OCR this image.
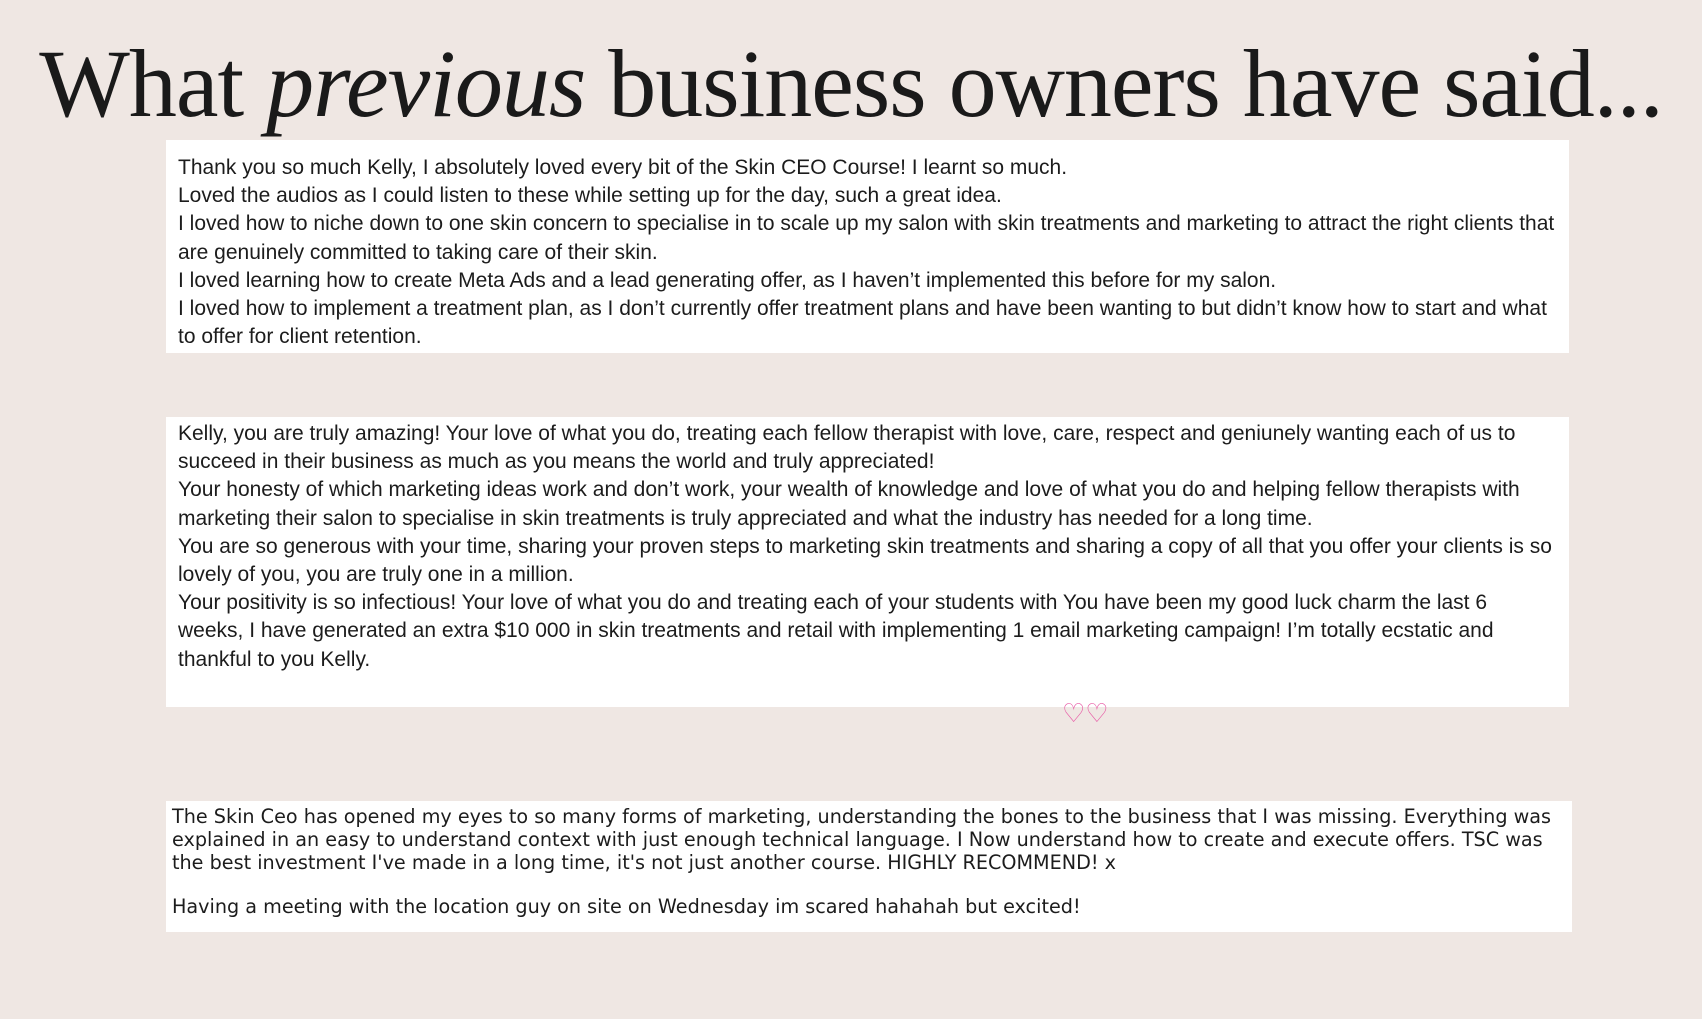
What previous business owners have said...

Thank you so much Kelly, I absolutely loved every bit of the Skin CEO Course! I learnt so much.

Loved the audios as I could listen to these while setting up for the day, such a great idea.

I loved how to niche down to one skin concern to specialise in to scale up my salon with skin treatments and marketing to attract the right clients that are genuinely committed to taking care of their skin.

I loved learning how to create Meta Ads and a lead generating offer, as I haven’t implemented this before for my salon.

I loved how to implement a treatment plan, as I don’t currently offer treatment plans and have been wanting to but didn’t know how to start and what to offer for client retention.

Kelly, you are truly amazing! Your love of what you do, treating each fellow therapist with love, care, respect and geniunely wanting each of us to succeed in their business as much as you means the world and truly appreciated!

Your honesty of which marketing ideas work and don’t work, your wealth of knowledge and love of what you do and helping fellow therapists with marketing their salon to specialise in skin treatments is truly appreciated and what the industry has needed for a long time.

You are so generous with your time, sharing your proven steps to marketing skin treatments and sharing a copy of all that you offer your clients is so lovely of you, you are truly one in a million.

Your positivity is so infectious! Your love of what you do and treating each of your students with You have been my good luck charm the last 6 weeks, I have generated an extra $10 000 in skin treatments and retail with implementing 1 email marketing campaign! I’m totally ecstatic and thankful to you Kelly.

♡♡

The Skin Ceo has opened my eyes to so many forms of marketing, understanding the bones to the business that I was missing. Everything was explained in an easy to understand context with just enough technical language. I Now understand how to create and execute offers. TSC was the best investment I've made in a long time, it's not just another course. HIGHLY RECOMMEND! x

Having a meeting with the location guy on site on Wednesday im scared hahahah but excited!
